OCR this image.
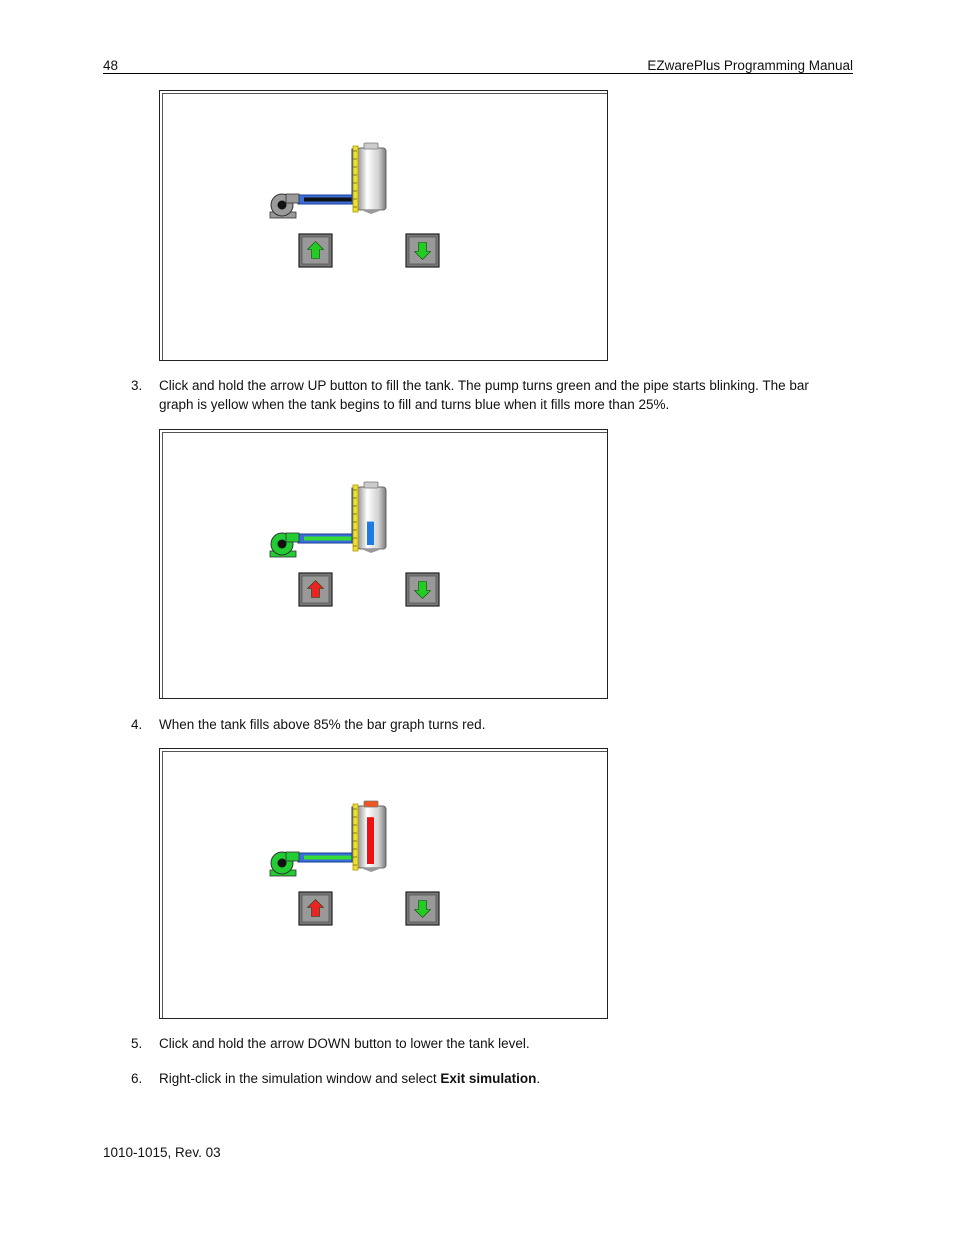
48	EZwarePlus Programming Manual
3. Click and hold the arrow UP button to fill the tank. The pump turns green and the pipe starts blinking. The bar graph is yellow when the tank begins to fill and turns blue when it fills more than 25%.
4. When the tank fills above 85% the bar graph turns red.
5. Click and hold the arrow DOWN button to lower the tank level.
6. Right-click in the simulation window and select Exit simulation.
1010-1015, Rev. 03
